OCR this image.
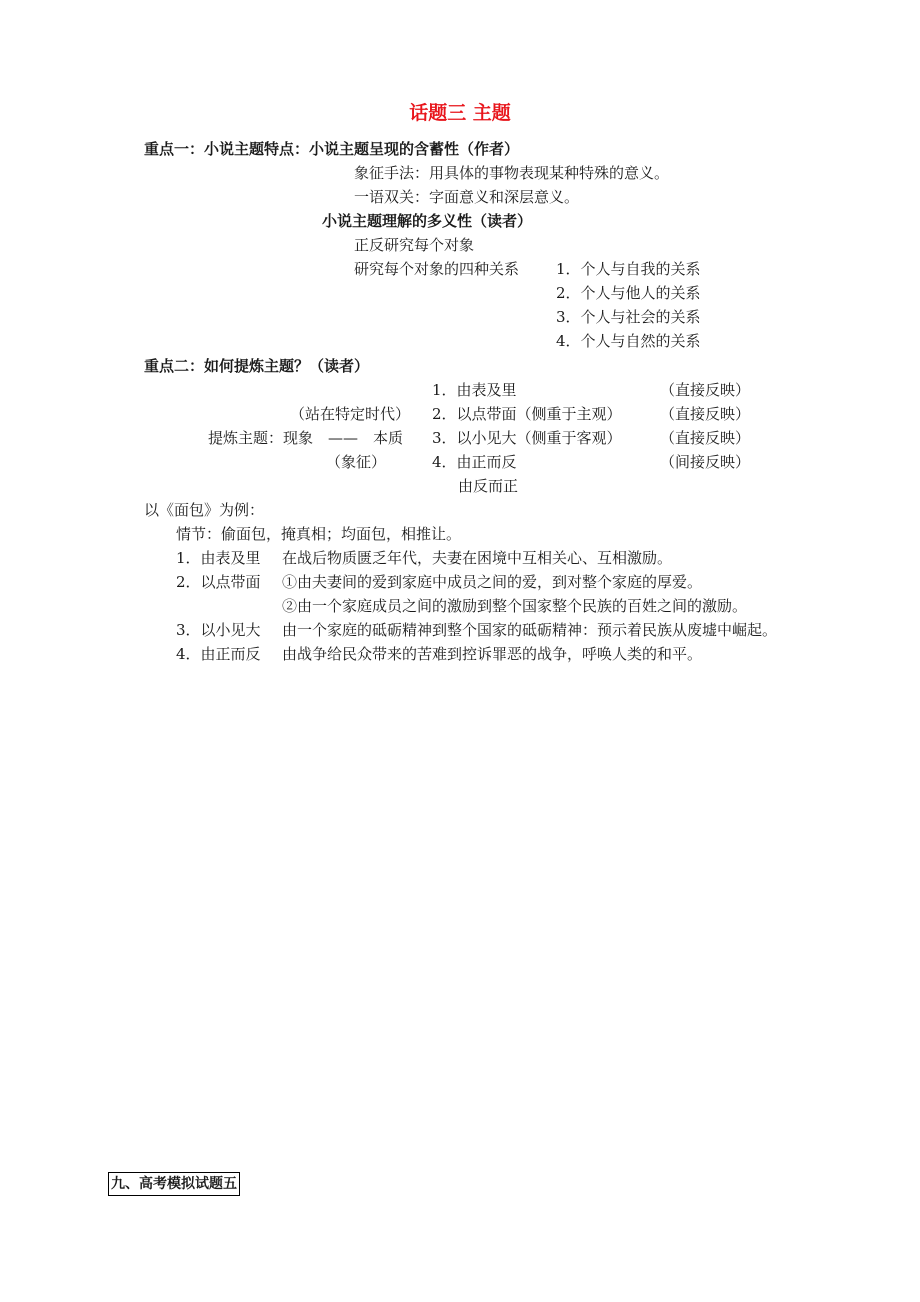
话题三 主题
重点一：小说主题特点：小说主题呈现的含蓄性（作者）
象征手法：用具体的事物表现某种特殊的意义。
一语双关：字面意义和深层意义。
小说主题理解的多义性（读者）
正反研究每个对象
研究每个对象的四种关系 1．个人与自我的关系
2．个人与他人的关系
3．个人与社会的关系
4．个人与自然的关系
重点二：如何提炼主题？（读者）
1．由表及里	（直接反映）
（站在特定时代） 2．以点带面（侧重于主观）	（直接反映）
提炼主题：现象　——　本质 3．以小见大（侧重于客观）	（直接反映）
（象征）	4．由正而反	（间接反映）
由反而正
以《面包》为例：
情节：偷面包，掩真相；均面包，相推让。
1．由表及里 在战后物质匮乏年代，夫妻在困境中互相关心、互相激励。
2．以点带面 ①由夫妻间的爱到家庭中成员之间的爱，到对整个家庭的厚爱。
②由一个家庭成员之间的激励到整个国家整个民族的百姓之间的激励。
3．以小见大 由一个家庭的砥砺精神到整个国家的砥砺精神：预示着民族从废墟中崛起。
4．由正而反 由战争给民众带来的苦难到控诉罪恶的战争，呼唤人类的和平。
九、高考模拟试题五
